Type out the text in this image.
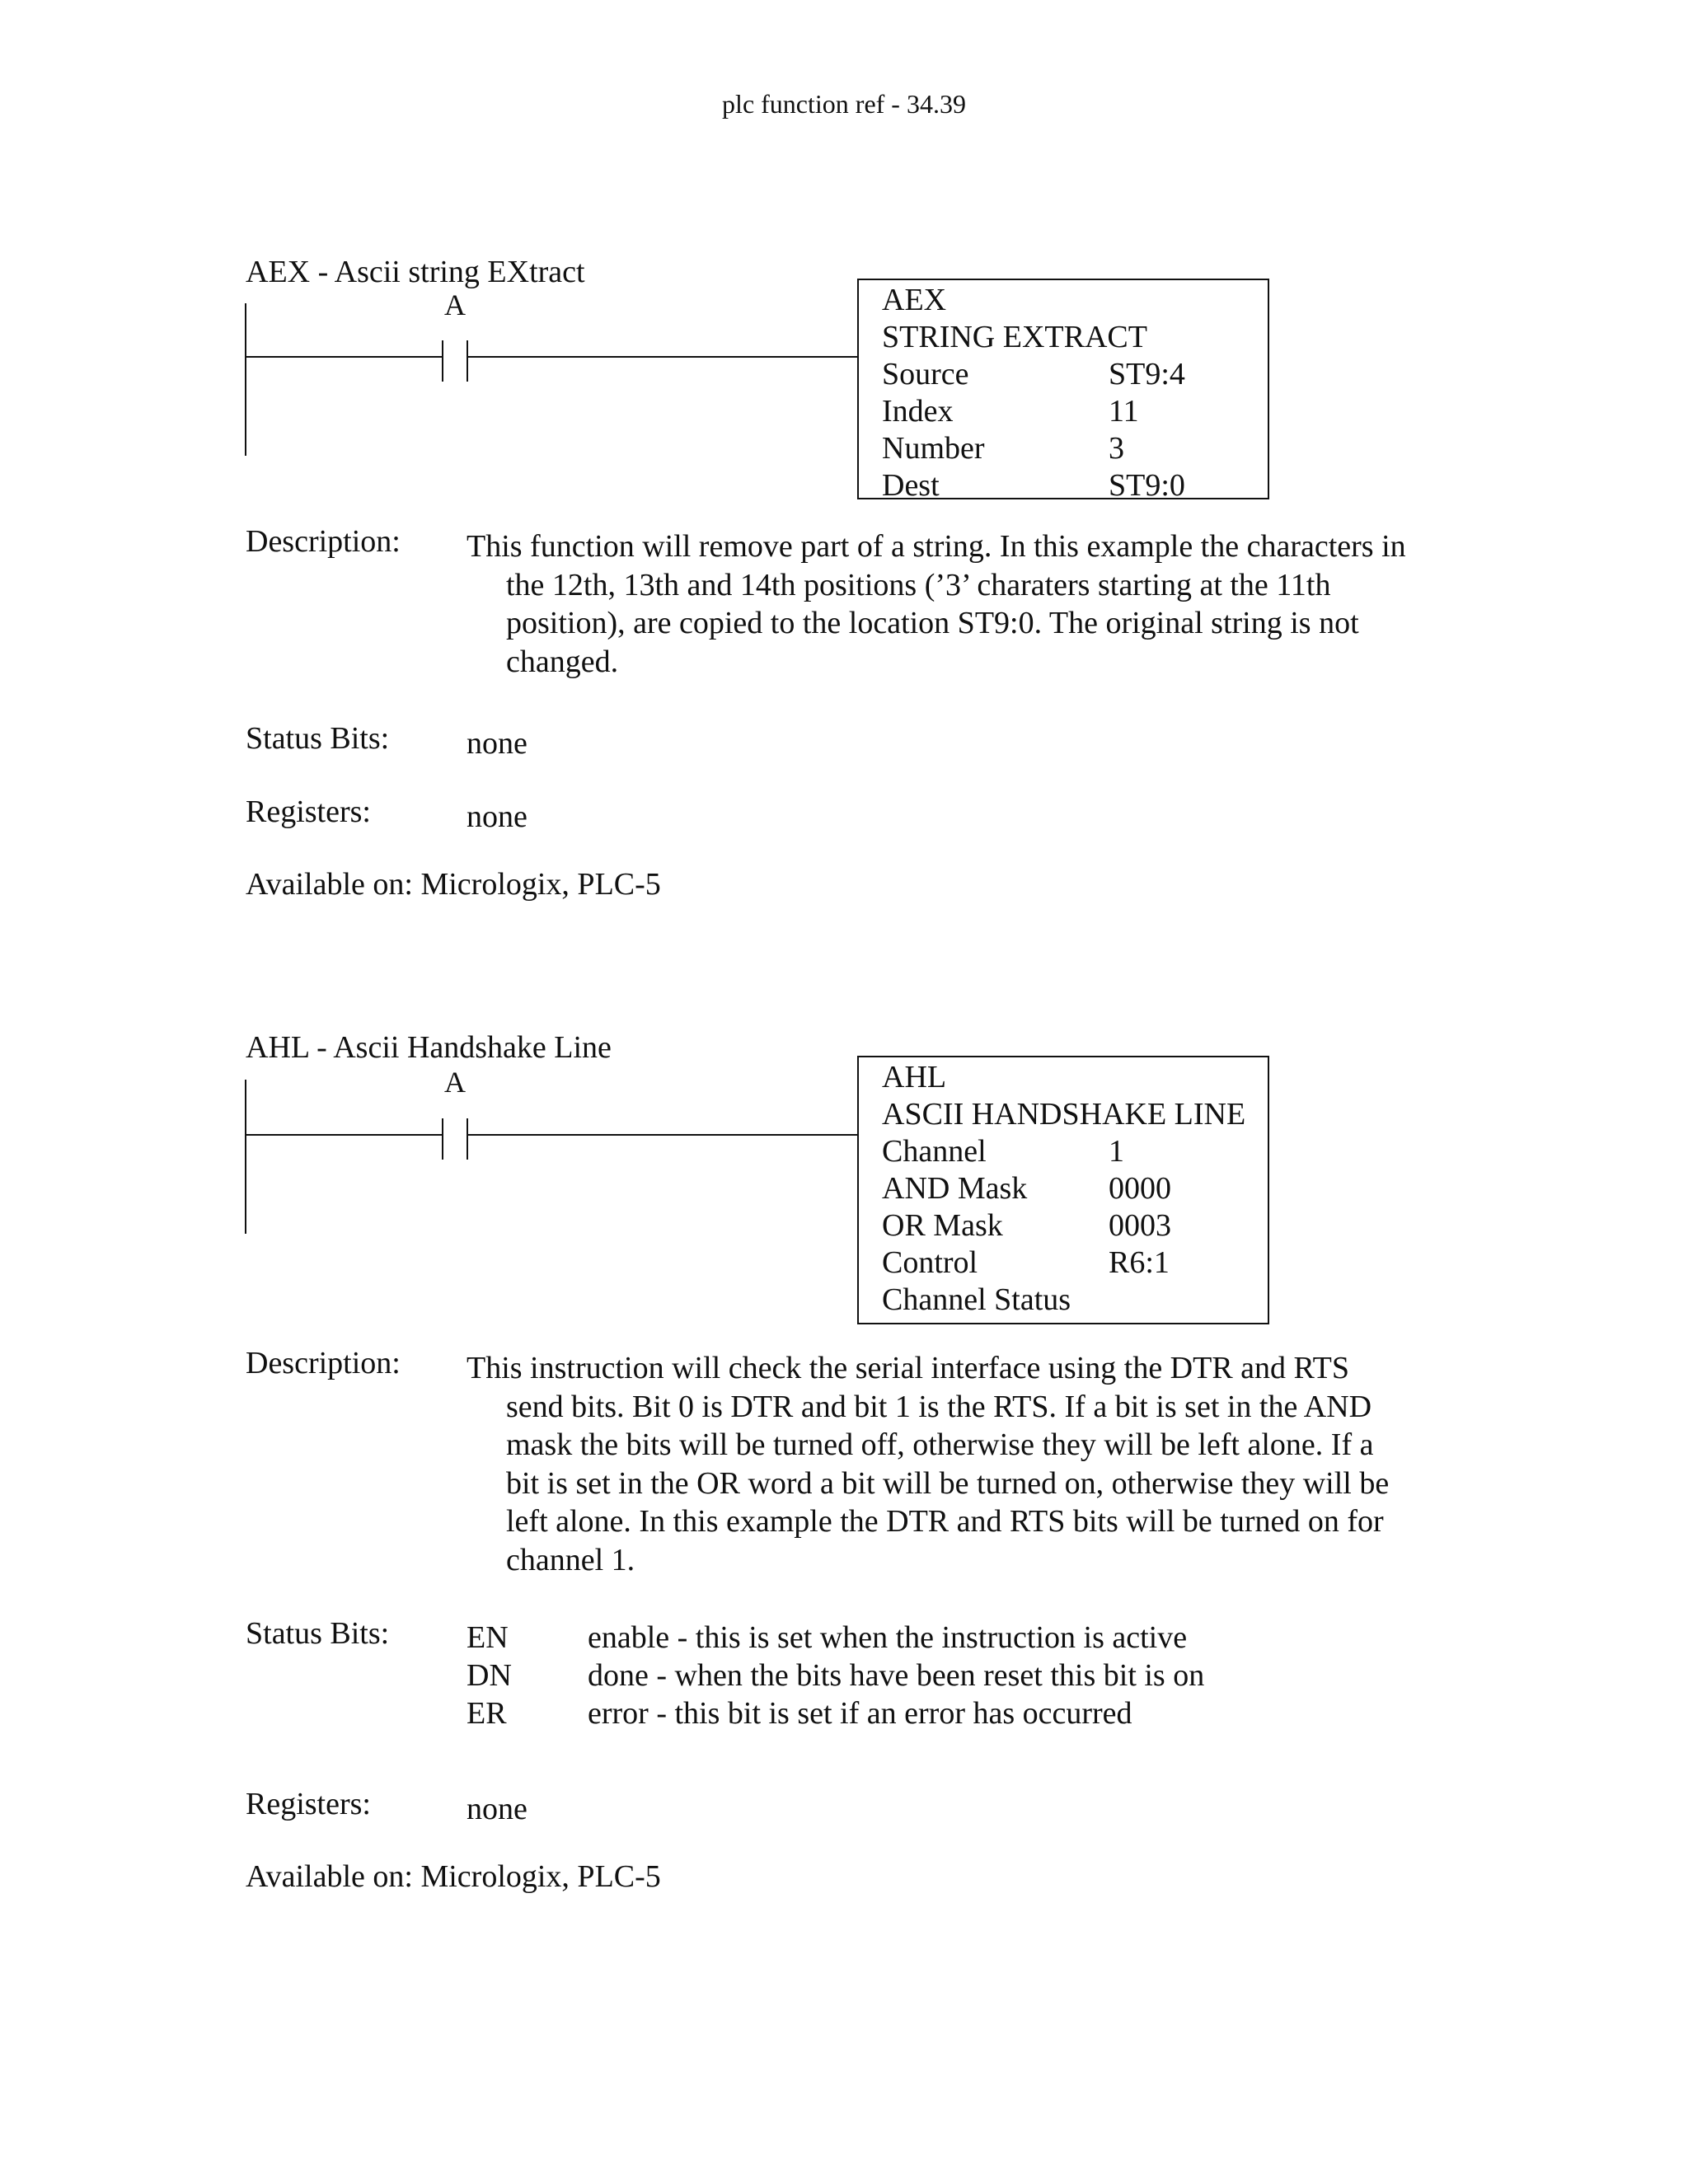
plc function ref - 34.39
AEX - Ascii string EXtract
A	AEX
STRING EXTRACT
Source	ST9:4
Index	11
Number	3
Dest	ST9:0
Description: This function will remove part of a string. In this example the characters in the 12th, 13th and 14th positions (’3’ charaters starting at the 11th position), are copied to the location ST9:0. The original string is not changed.
Status Bits: none
Registers:	none
Available on: Micrologix, PLC-5
AHL - Ascii Handshake Line
A	AHL
ASCII HANDSHAKE LINE
Channel	1
AND Mask	0000
OR Mask	0003
Control	R6:1
Channel Status
Description: This instruction will check the serial interface using the DTR and RTS send bits. Bit 0 is DTR and bit 1 is the RTS. If a bit is set in the AND mask the bits will be turned off, otherwise they will be left alone. If a bit is set in the OR word a bit will be turned on, otherwise they will be left alone. In this example the DTR and RTS bits will be turned on for channel 1.
Status Bits: EN	enable - this is set when the instruction is active
DN	done - when the bits have been reset this bit is on
ER	error - this bit is set if an error has occurred
Registers:	none
Available on: Micrologix, PLC-5
